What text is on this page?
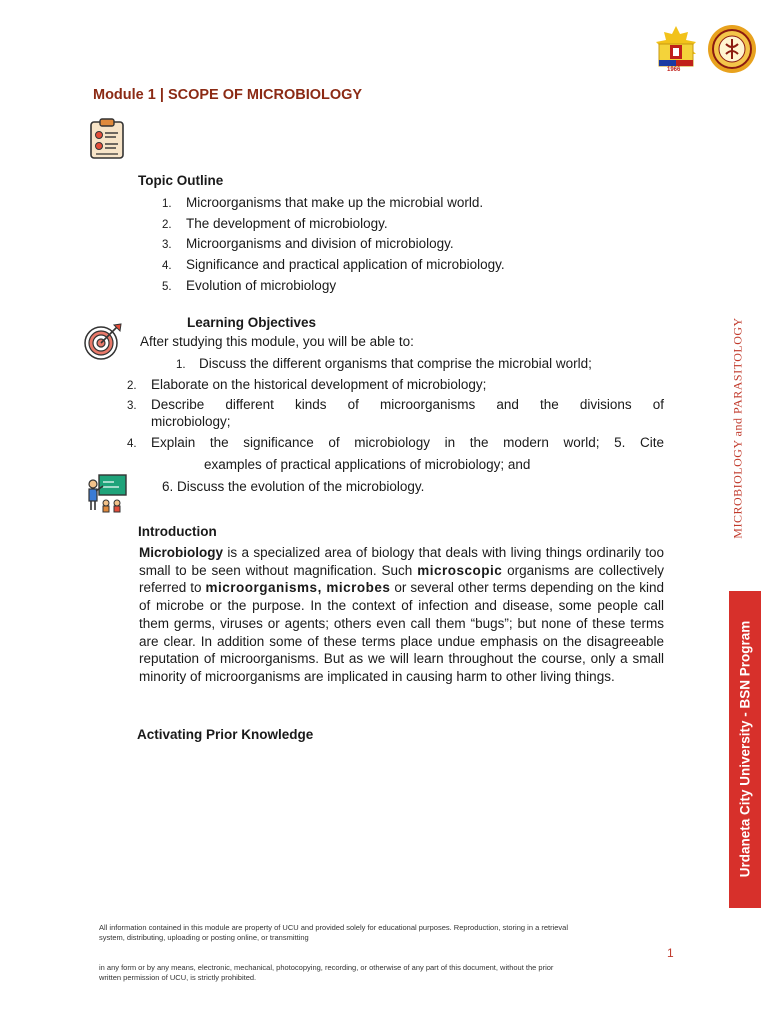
1966
Module 1 | SCOPE OF MICROBIOLOGY
Topic Outline
1. Microorganisms that make up the microbial world.
2. The development of microbiology.
3. Microorganisms and division of microbiology.
4. Significance and practical application of microbiology.
5. Evolution of microbiology
Learning Objectives
After studying this module, you will be able to:
1. Discuss the different organisms that comprise the microbial world;
2. Elaborate on the historical development of microbiology;
3. Describe different kinds of microorganisms and the divisions of
microbiology;
4. Explain the significance of microbiology in the modern world; 5. Cite
examples of practical applications of microbiology; and
6. Discuss the evolution of the microbiology.
Introduction
Microbiology is a specialized area of biology that deals with living things ordinarily too small to be seen without magnification. Such microscopic organisms are collectively referred to microorganisms, microbes or several other terms depending on the kind of microbe or the purpose. In the context of infection and disease, some people call them germs, viruses or agents; others even call them “bugs”; but none of these terms are clear. In addition some of these terms place undue emphasis on the disagreeable reputation of microorganisms. But as we will learn throughout the course, only a small minority of microorganisms are implicated in causing harm to other living things.
Activating Prior Knowledge
MICROBIOLOGY and PARASITOLOGY
Urdaneta City University - BSN Program
All information contained in this module are property of UCU and provided solely for educational purposes. Reproduction, storing in a retrieval
system, distributing, uploading or posting online, or transmitting
1
in any form or by any means, electronic, mechanical, photocopying, recording, or otherwise of any part of this document, without the prior
written permission of UCU, is strictly prohibited.
